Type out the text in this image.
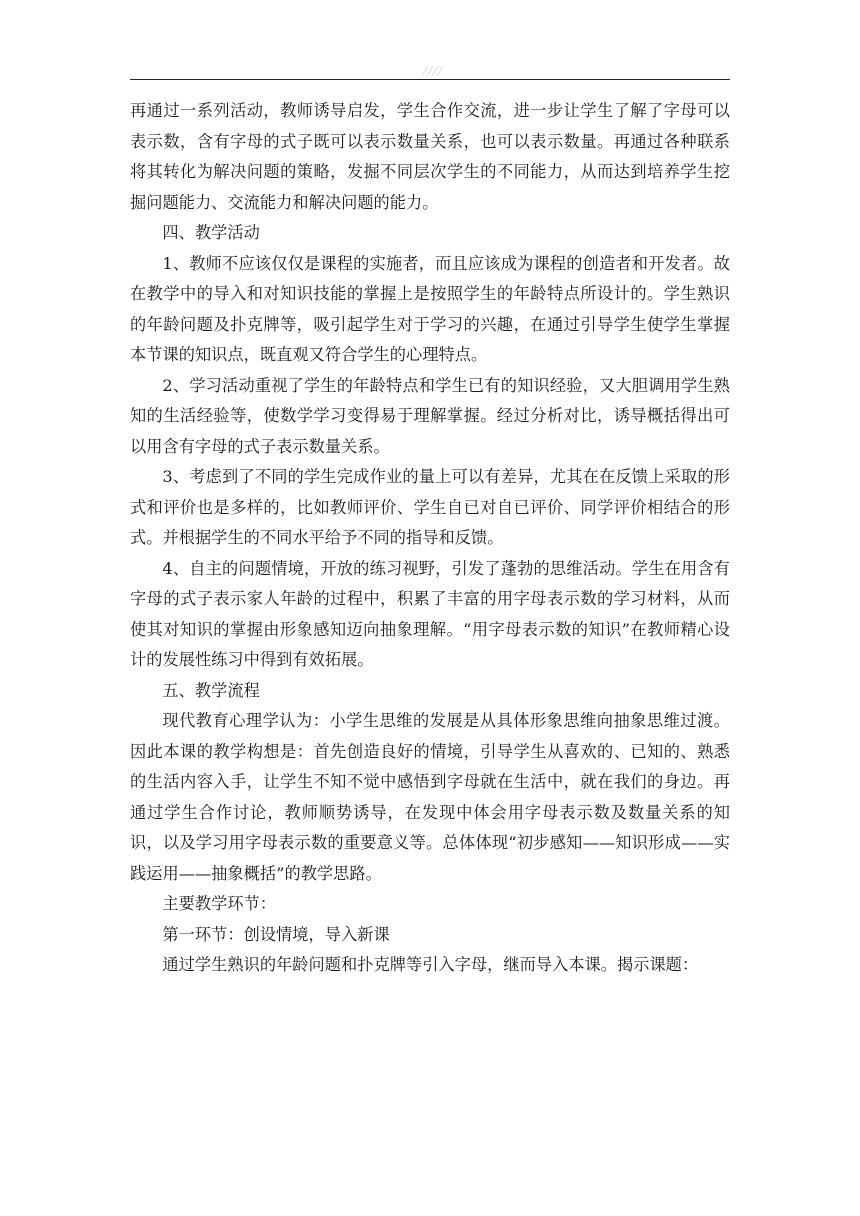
再通过一系列活动，教师诱导启发，学生合作交流，进一步让学生了解了字母可以表示数，含有字母的式子既可以表示数量关系，也可以表示数量。再通过各种联系将其转化为解决问题的策略，发掘不同层次学生的不同能力，从而达到培养学生挖掘问题能力、交流能力和解决问题的能力。

四、教学活动

1、教师不应该仅仅是课程的实施者，而且应该成为课程的创造者和开发者。故在教学中的导入和对知识技能的掌握上是按照学生的年龄特点所设计的。学生熟识的年龄问题及扑克牌等，吸引起学生对于学习的兴趣，在通过引导学生使学生掌握本节课的知识点，既直观又符合学生的心理特点。

2、学习活动重视了学生的年龄特点和学生已有的知识经验，又大胆调用学生熟知的生活经验等，使数学学习变得易于理解掌握。经过分析对比，诱导概括得出可以用含有字母的式子表示数量关系。

3、考虑到了不同的学生完成作业的量上可以有差异，尤其在在反馈上采取的形式和评价也是多样的，比如教师评价、学生自已对自已评价、同学评价相结合的形式。并根据学生的不同水平给予不同的指导和反馈。

4、自主的问题情境，开放的练习视野，引发了蓬勃的思维活动。学生在用含有字母的式子表示家人年龄的过程中，积累了丰富的用字母表示数的学习材料，从而使其对知识的掌握由形象感知迈向抽象理解。“用字母表示数的知识”在教师精心设计的发展性练习中得到有效拓展。

五、教学流程

现代教育心理学认为：小学生思维的发展是从具体形象思维向抽象思维过渡。因此本课的教学构想是：首先创造良好的情境，引导学生从喜欢的、已知的、熟悉的生活内容入手，让学生不知不觉中感悟到字母就在生活中，就在我们的身边。再通过学生合作讨论，教师顺势诱导，在发现中体会用字母表示数及数量关系的知识，以及学习用字母表示数的重要意义等。总体体现“初步感知——知识形成——实践运用——抽象概括”的教学思路。

主要教学环节：

第一环节：创设情境，导入新课

通过学生熟识的年龄问题和扑克牌等引入字母，继而导入本课。揭示课题：
